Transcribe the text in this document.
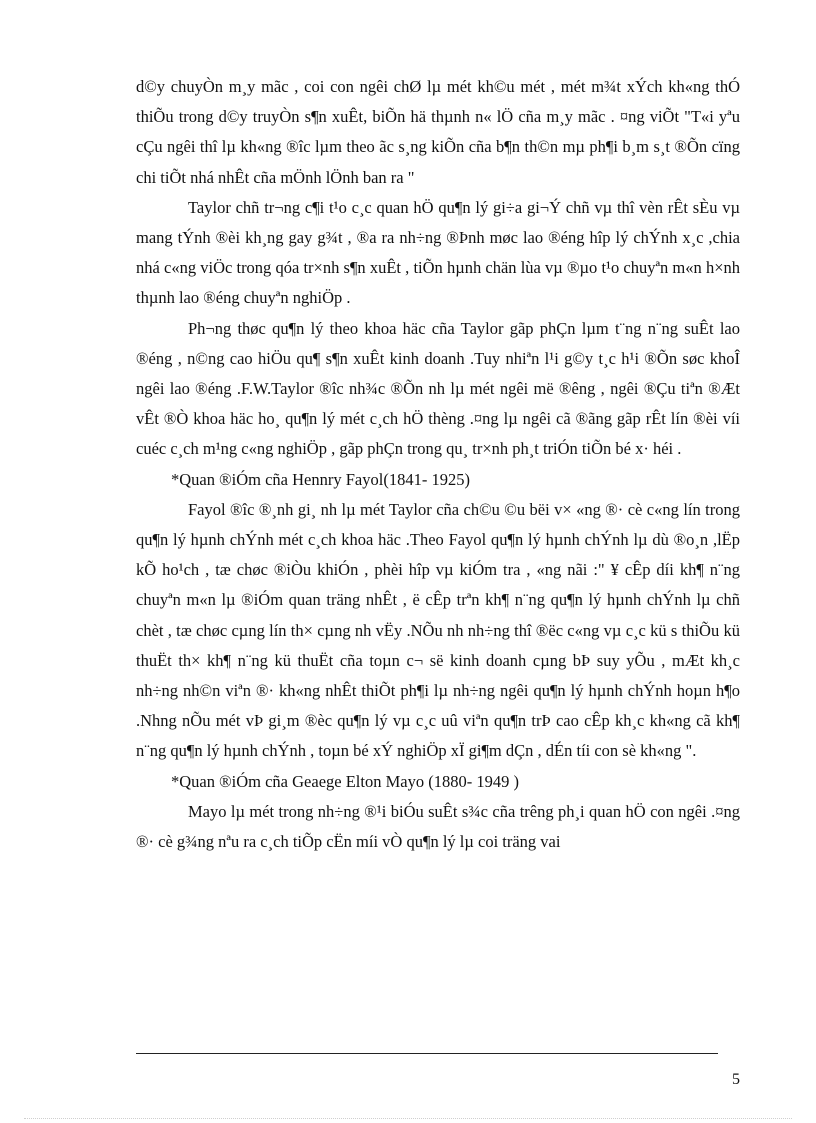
d©y chuyÒn m¸y mãc , coi con ngêi chØ lµ mét kh©u mét , mét m¾t xÝch kh«ng thÓ thiÕu trong d©y truyÒn s¶n xuÊt, biÕn hä thµnh n« lÖ cña m¸y mãc . ¤ng viÕt "T«i yªu cÇu ngêi thî lµ kh«ng ®îc lµm theo ãc s¸ng kiÕn cña b¶n th©n mµ ph¶i b¸m s¸t ®Õn cïng chi tiÕt nhá nhÊt cña mÖnh lÖnh ban ra "

Taylor chñ tr¬ng c¶i t¹o c¸c quan hÖ qu¶n lý gi÷a gi¬Ý chñ vµ thî vèn rÊt sÈu vµ mang tÝnh ®èi kh¸ng gay g¾t , ®a ra nh÷ng ®Þnh møc lao ®éng hîp lý chÝnh x¸c ,chia nhá c«ng viÖc trong qóa tr×nh s¶n xuÊt , tiÕn hµnh chän lùa vµ ®µo t¹o chuyªn m«n h×nh thµnh lao ®éng chuyªn nghiÖp .

Ph¬ng thøc qu¶n lý theo khoa häc cña Taylor gãp phÇn lµm t¨ng n¨ng suÊt lao ®éng , n©ng cao hiÖu qu¶ s¶n xuÊt kinh doanh .Tuy nhiªn l¹i g©y t¸c h¹i ®Õn søc khoÎ ngêi lao ®éng .F.W.Taylor ®îc nh¾c ®Õn nh lµ mét ngêi më ®êng , ngêi ®Çu tiªn ®Æt vÊt ®Ò khoa häc ho¸ qu¶n lý mét c¸ch hÖ thèng .¤ng lµ ngêi cã ®ãng gãp rÊt lín ®èi víi cuéc c¸ch m¹ng c«ng nghiÖp , gãp phÇn trong qu¸ tr×nh ph¸t triÓn tiÕn bé x· héi .

*Quan ®iÓm cña Hennry Fayol(1841- 1925)

Fayol ®îc ®¸nh gi¸ nh lµ mét Taylor cña ch©u ©u bëi v× «ng ®· cè c«ng lín trong qu¶n lý hµnh chÝnh mét c¸ch khoa häc .Theo Fayol qu¶n lý hµnh chÝnh lµ dù ®o¸n ,lËp kÕ ho¹ch , tæ chøc ®iÒu khiÓn , phèi hîp vµ kiÓm tra , «ng nãi :" ¥ cÊp díi kh¶ n¨ng chuyªn m«n lµ ®iÓm quan träng nhÊt , ë cÊp trªn kh¶ n¨ng qu¶n lý hµnh chÝnh lµ chñ chèt , tæ chøc cµng lín th× cµng nh vËy .NÕu nh nh÷ng thî ®ëc c«ng vµ c¸c kü s thiÕu kü thuËt th× kh¶ n¨ng kü thuËt cña toµn c¬ së kinh doanh cµng bÞ suy yÕu , mÆt kh¸c nh÷ng nh©n viªn ®· kh«ng nhÊt thiÕt ph¶i lµ nh÷ng ngêi qu¶n lý hµnh chÝnh hoµn h¶o .Nhng nÕu mét vÞ gi¸m ®èc qu¶n lý vµ c¸c uû viªn qu¶n trÞ cao cÊp kh¸c kh«ng cã kh¶ n¨ng qu¶n lý hµnh chÝnh , toµn bé xÝ nghiÖp xÏ gi¶m dÇn , dÉn tíi con sè kh«ng ".

*Quan ®iÓm cña Geaege Elton Mayo (1880- 1949 )

Mayo lµ mét trong nh÷ng ®¹i biÓu suÊt s¾c cña trêng ph¸i quan hÖ con ngêi .¤ng ®· cè g¾ng nªu ra c¸ch tiÕp cËn míi vÒ qu¶n lý lµ coi träng vai

5
